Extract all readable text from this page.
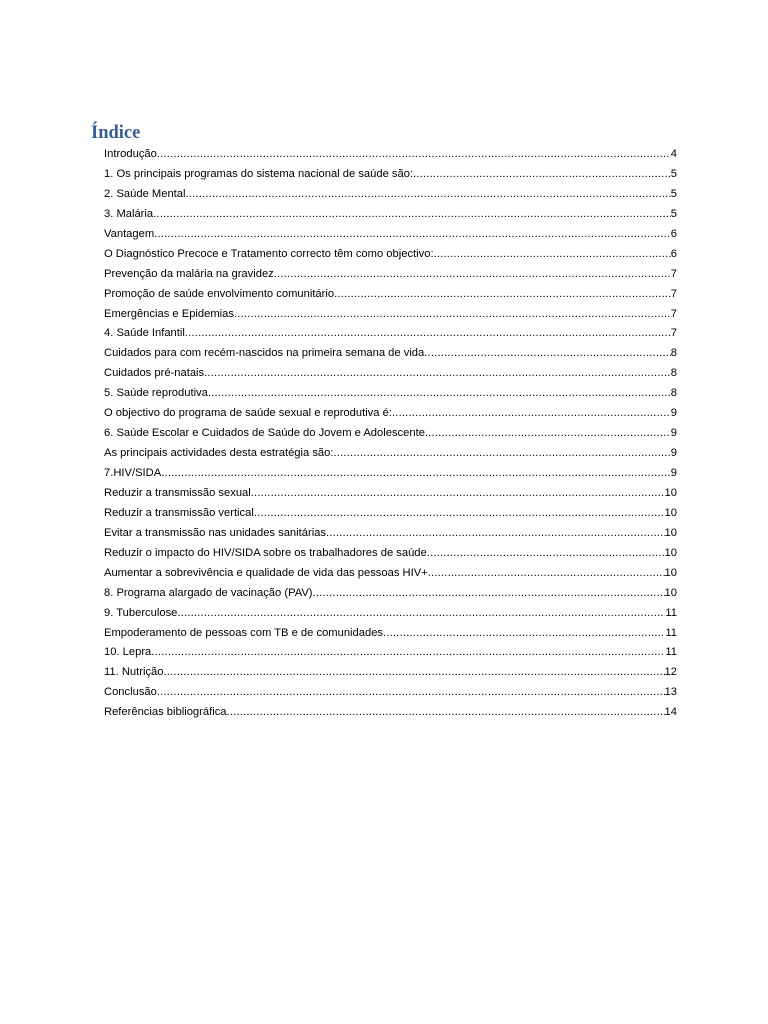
Índice
Introdução .....	4
1. Os principais programas do sistema nacional de saúde são: .....	5
2. Saúde Mental .....	5
3. Malária .....	5
Vantagem .....	6
O Diagnóstico Precoce e Tratamento correcto têm como objectivo: .....	6
Prevenção da malária na gravidez .....	7
Promoção de saúde envolvimento comunitário .....	7
Emergências e Epidemias .....	7
4. Saúde Infantil .....	7
Cuidados para com recém-nascidos na primeira semana de vida .....	8
Cuidados pré-natais .....	8
5. Saúde reprodutiva .....	8
O objectivo do programa de saúde sexual e reprodutiva é: .....	9
6. Saúde Escolar e Cuidados de Saúde do Jovem e Adolescente .....	9
As principais actividades desta estratégia são: .....	9
7.HIV/SIDA .....	9
Reduzir a transmissão sexual .....	10
Reduzir a transmissão vertical .....	10
Evitar a transmissão nas unidades sanitárias .....	10
Reduzir o impacto do HIV/SIDA sobre os trabalhadores de saúde .....	10
Aumentar a sobrevivência e qualidade de vida das pessoas HIV+ .....	10
8. Programa alargado de vacinação (PAV) .....	10
9. Tuberculose .....	11
Empoderamento de pessoas com TB e de comunidades .....	11
10. Lepra .....	11
11. Nutrição .....	12
Conclusão .....	13
Referências bibliográfica .....	14
